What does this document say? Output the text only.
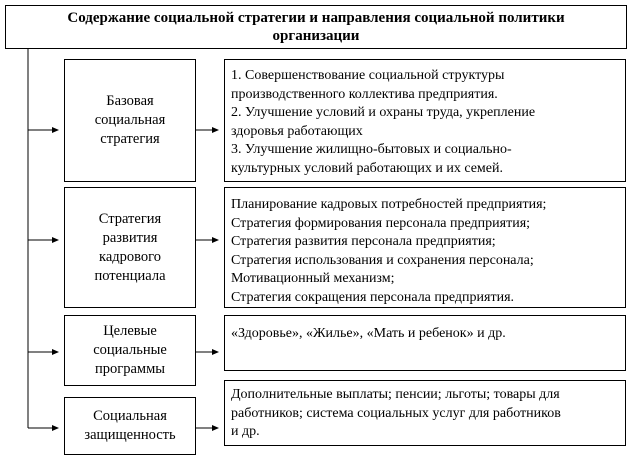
Содержание социальной стратегии и направления социальной политики организации
Базовая
социальная
стратегия
1. Совершенствование социальной структуры
производственного коллектива предприятия.
2. Улучшение условий и охраны труда, укрепление
здоровья работающих
3. Улучшение жилищно-бытовых и социально-
культурных условий работающих и их семей.
Стратегия
развития
кадрового
потенциала
Планирование кадровых потребностей предприятия;
Стратегия формирования персонала предприятия;
Стратегия развития персонала предприятия;
Стратегия использования и сохранения персонала;
Мотивационный механизм;
Стратегия сокращения персонала предприятия.
Целевые
социальные
программы
«Здоровье», «Жилье», «Мать и ребенок» и др.
Социальная
защищенность
Дополнительные выплаты; пенсии; льготы; товары для
работников; система социальных услуг для работников
и др.
